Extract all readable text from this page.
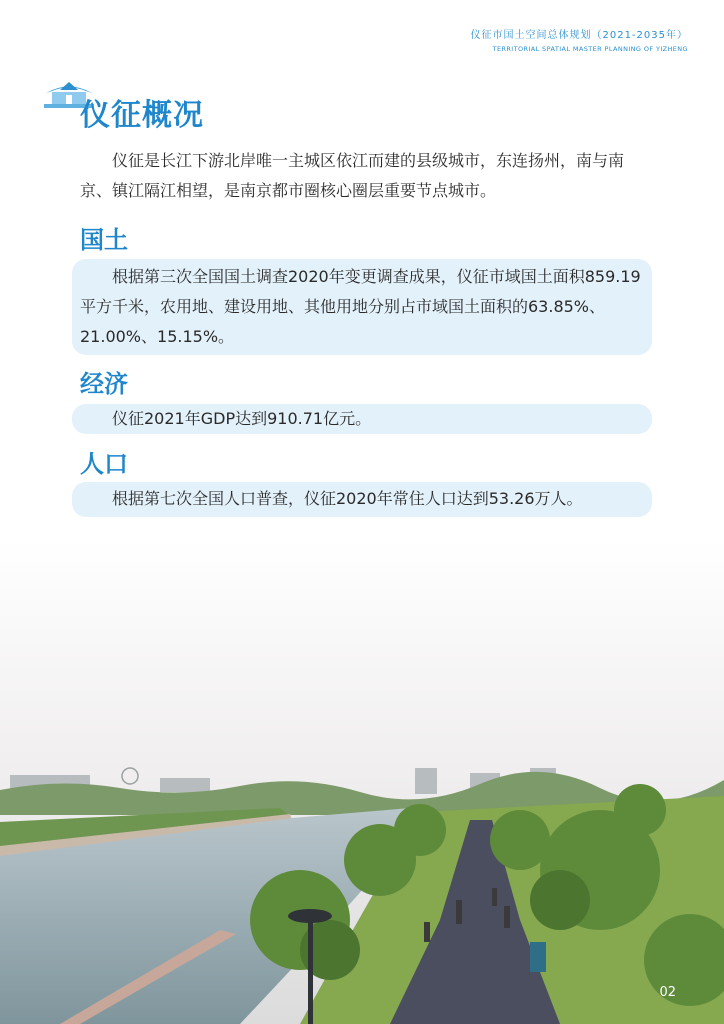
仪征市国土空间总体规划（2021-2035年）
TERRITORIAL SPATIAL MASTER PLANNING OF YIZHENG
仪征概况
仪征是长江下游北岸唯一主城区依江而建的县级城市，东连扬州，南与南京、镇江隔江相望，是南京都市圈核心圈层重要节点城市。
国土

根据第三次全国国土调查2020年变更调查成果，仪征市域国土面积859.19平方千米，农用地、建设用地、其他用地分别占市域国土面积的63.85%、21.00%、15.15%。

经济

仪征2021年GDP达到910.71亿元。

人口

根据第七次全国人口普查，仪征2020年常住人口达到53.26万人。

02
